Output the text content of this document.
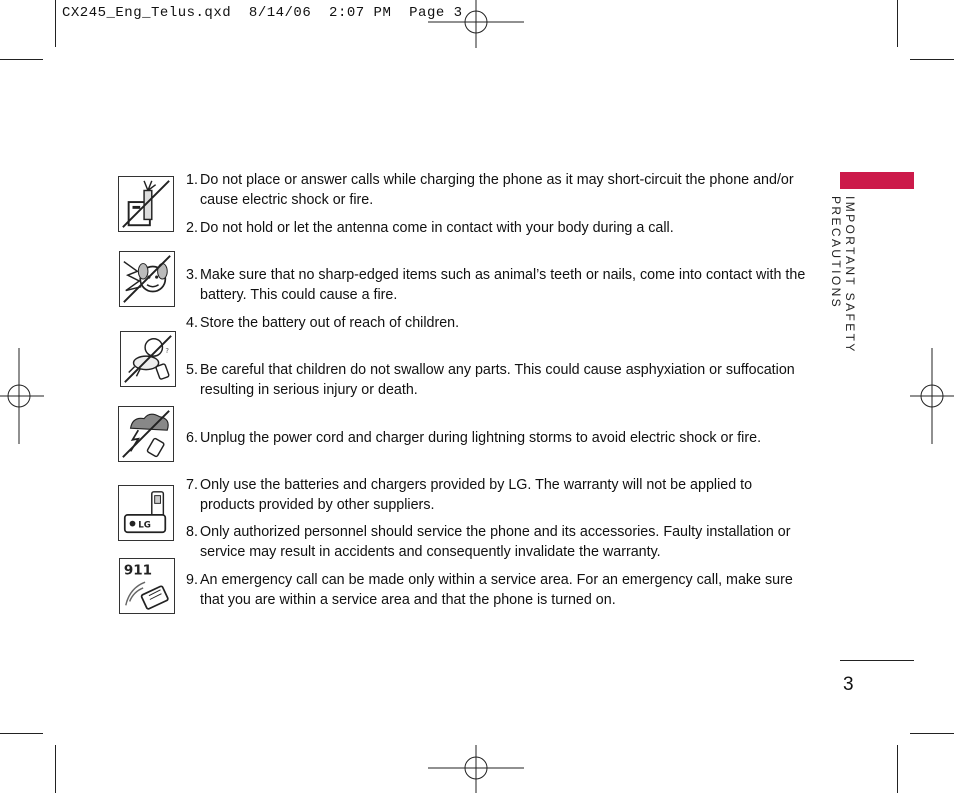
CX245_Eng_Telus.qxd  8/14/06  2:07 PM  Page 3
?
LG
911
1. Do not place or answer calls while charging the phone as it may short-circuit the phone and/or cause electric shock or fire.
2. Do not hold or let the antenna come in contact with your body during a call.
3. Make sure that no sharp-edged items such as animal’s teeth or nails, come into contact with the battery. This could cause a fire.
4. Store the battery out of reach of children.
5. Be careful that children do not swallow any parts. This could cause asphyxiation or suffocation resulting in serious injury or death.
6. Unplug the power cord and charger during lightning storms to avoid electric shock or fire.
7. Only use the batteries and chargers provided by LG. The warranty will not be applied to products provided by other suppliers.
8. Only authorized personnel should service the phone and its accessories. Faulty installation or service may result in accidents and consequently invalidate the warranty.
9. An emergency call can be made only within a service area. For an emergency call, make sure that you are within a service area and that the phone is turned on.
IMPORTANT SAFETY PRECAUTIONS
3
